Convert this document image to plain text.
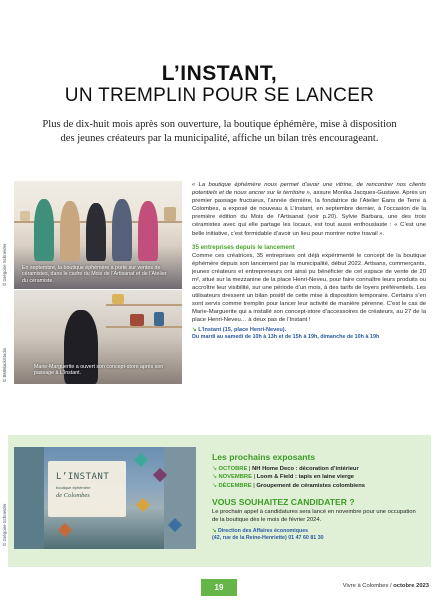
L’INSTANT,
UN TREMPLIN POUR SE LANCER
Plus de dix-huit mois après son ouverture, la boutique éphémère, mise à disposition des jeunes créateurs par la municipalité, affiche un bilan très encourageant.
En septembre, la boutique éphémère a porté sur ventes de céramistes, dans le cadre du Mois de l’Artisanat et de l’Atelier du céramiste.
© Grégoire Schneider
Marie-Marguerite a ouvert son concept-store après son passage à L’Instant.
© BMBlackStudio

« La boutique éphémère nous permet d’avoir une vitrine, de rencontrer nos clients potentiels et de nous ancrer sur le territoire », assure Monika Jacques-Gustave. Après un premier passage fructueux, l’année dernière, la fondatrice de l’Atelier Éans de Terre à Colombes, a exposé de nouveau à L’Instant, en septembre dernier, à l’occasion de la première édition du Mois de l’Artisanat (voir p.20). Sylvie Barbara, une des trois céramistes avec qui elle partage les locaux, est tout aussi enthousiaste : « C’est une belle initiative, c’est formidable d’avoir un lieu pour montrer notre travail ».

35 entreprises depuis le lancement

Comme ces créatrices, 35 entreprises ont déjà expérimenté le concept de la boutique éphémère depuis son lancement par la municipalité, début 2022. Artisans, commerçants, jeunes créateurs et entrepreneurs ont ainsi pu bénéficier de cet espace de vente de 20 m², situé sur la mezzanine de la place Henri-Neveu, pour faire connaître leurs produits ou accroître leur visibilité, sur une période d’un mois, à des tarifs de loyers préférentiels. Les utilisateurs dressent un bilan positif de cette mise à disposition temporaire. Certains s’en sont servis comme tremplin pour lancer leur activité de manière pérenne. C’est le cas de Marie-Marguerite qui a installé son concept-store d’accessoires de créateurs, au 27 de la place Henri-Neveu… à deux pas de l’Instant !

↘ L’Instant (15, place Henri-Neveu).
Du mardi au samedi de 10h à 13h et de 15h à 19h, dimanche de 10h à 19h
L’INSTANT
boutique éphémère
de Colombes
© Grégoire Schneider
Les prochains exposants
↘ OCTOBRE | NH Home Deco : décoration d’intérieur
↘ NOVEMBRE | Loom & Field : tapis en laine vierge
↘ DÉCEMBRE | Groupement de céramistes colombiens
VOUS SOUHAITEZ CANDIDATER ?
Le prochain appel à candidatures sera lancé en novembre pour une occupation de la boutique dès le mois de février 2024.
↘ Direction des Affaires économiques
(42, rue de la Reine-Henriette) 01 47 60 81 30
19	Vivre à Colombes / octobre 2023
